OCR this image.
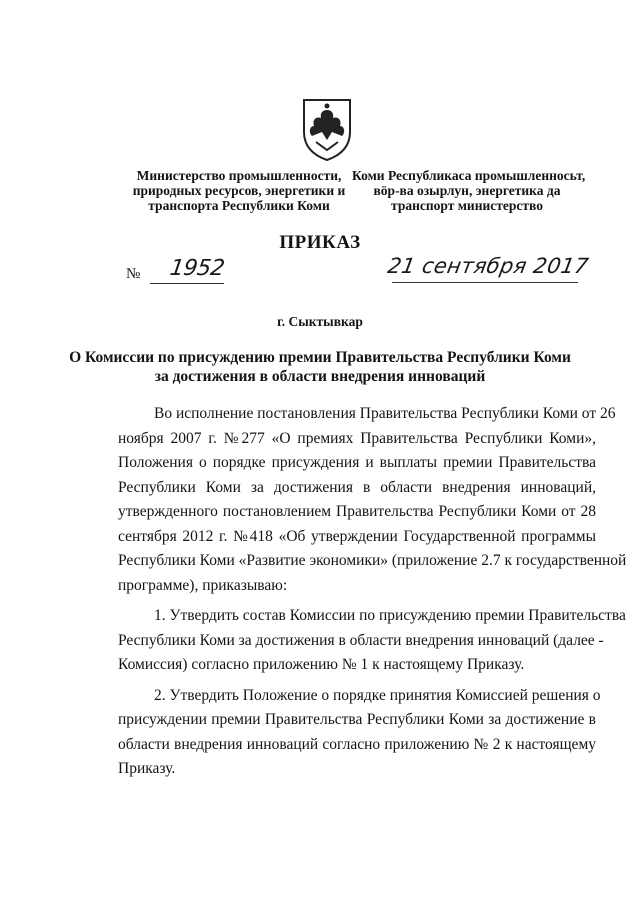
Министерство промышленности,
природных ресурсов, энергетики и
транспорта Республики Коми
Коми Республикаса промышленносьт,
вӧр-ва озырлун, энергетика да
транспорт министерство
ПРИКАЗ
№ 1952	21 сентября 2017
г. Сыктывкар
О Комиссии по присуждению премии Правительства Республики Коми
за достижения в области внедрения инноваций
Во исполнение постановления Правительства Республики Коми от 26
ноября 2007 г. №277 «О премиях Правительства Республики Коми»,
Положения о порядке присуждения и выплаты премии Правительства
Республики Коми за достижения в области внедрения инноваций,
утвержденного постановлением Правительства Республики Коми от 28
сентября 2012 г. №418 «Об утверждении Государственной программы
Республики Коми «Развитие экономики» (приложение 2.7 к государственной
программе), приказываю:
1. Утвердить состав Комиссии по присуждению премии Правительства
Республики Коми за достижения в области внедрения инноваций (далее -
Комиссия) согласно приложению № 1 к настоящему Приказу.
2. Утвердить Положение о порядке принятия Комиссией решения о
присуждении премии Правительства Республики Коми за достижение в
области внедрения инноваций согласно приложению № 2 к настоящему
Приказу.
